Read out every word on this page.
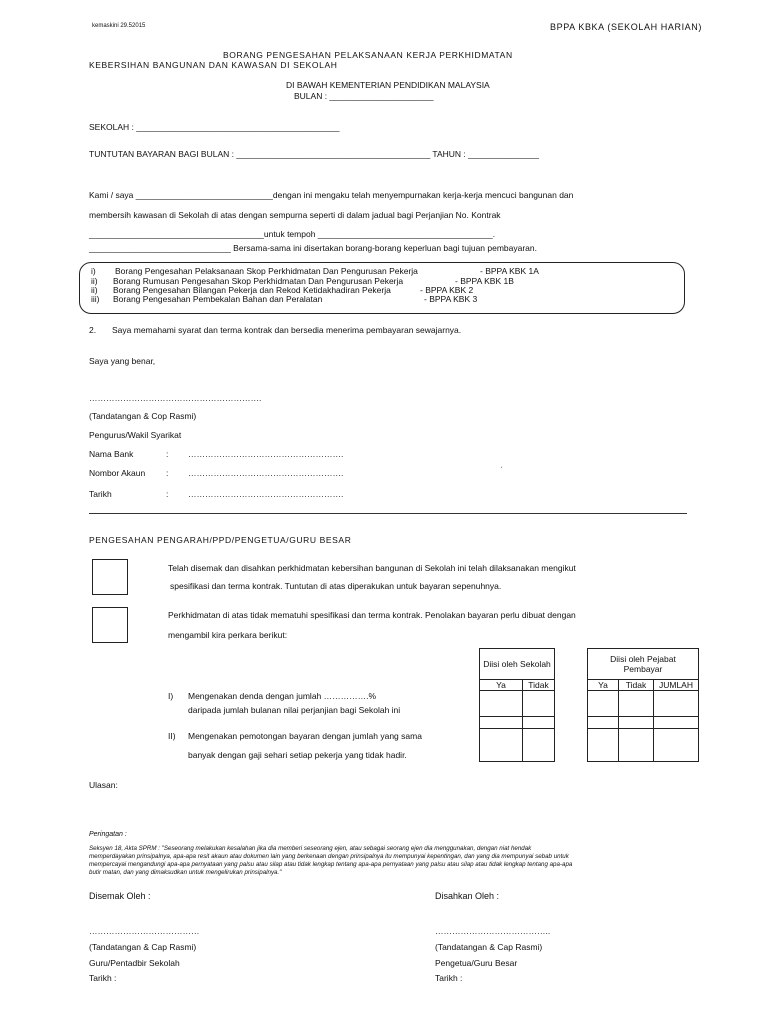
kemaskini 29.52015	BPPA KBKA (SEKOLAH HARIAN)
BORANG PENGESAHAN PELAKSANAAN KERJA PERKHIDMATAN
KEBERSIHAN BANGUNAN DAN KAWASAN DI SEKOLAH
DI BAWAH KEMENTERIAN PENDIDIKAN MALAYSIA
BULAN : ______________________
SEKOLAH : ___________________________________________
TUNTUTAN BAYARAN BAGI BULAN : _________________________________________ TAHUN : _______________
Kami / saya _____________________________dengan ini mengaku telah menyempurnakan kerja-kerja mencuci bangunan dan
membersih kawasan di Sekolah di atas dengan sempurna seperti di dalam jadual bagi Perjanjian No. Kontrak
_____________________________________untuk tempoh _____________________________________.
______________________________ Bersama-sama ini disertakan borang-borang keperluan bagi tujuan pembayaran.
i) Borang Pengesahan Pelaksanaan Skop Perkhidmatan Dan Pengurusan Pekerja	- BPPA KBK 1A
ii) Borang Rumusan Pengesahan Skop Perkhidmatan Dan Pengurusan Pekerja	- BPPA KBK 1B
ii) Borang Pengesahan Bilangan Pekerja dan Rekod Ketidakhadiran Pekerja	- BPPA KBK 2
iii) Borang Pengesahan Pembekalan Bahan dan Peralatan	- BPPA KBK 3
2. Saya memahami syarat dan terma kontrak dan bersedia menerima pembayaran sewajarnya.
Saya yang benar,
…………………………………………………….
(Tandatangan & Cop Rasmi)
Pengurus/Wakil Syarikat
Nama Bank	: ……………………………………………….
Nombor Akaun : ……………………………………………….	ˊ
Tarikh	: ……………………………………………….
PENGESAHAN PENGARAH/PPD/PENGETUA/GURU BESAR
Telah disemak dan disahkan perkhidmatan kebersihan bangunan di Sekolah ini telah dilaksanakan mengikut
spesifikasi dan terma kontrak. Tuntutan di atas diperakukan untuk bayaran sepenuhnya.
Perkhidmatan di atas tidak mematuhi spesifikasi dan terma kontrak. Penolakan bayaran perlu dibuat dengan
mengambil kira perkara berikut:
I) Mengenakan denda dengan jumlah …………….%
daripada jumlah bulanan nilai perjanjian bagi Sekolah ini
II) Mengenakan pemotongan bayaran dengan jumlah yang sama
banyak dengan gaji sehari setiap pekerja yang tidak hadir.
Diisi oleh Sekolah	
Ya	Tidak

Diisi oleh Pejabat
Pembayar		
Ya	Tidak	JUMLAH

Ulasan:
Peringatan :
Seksyen 18, Akta SPRM : "Seseorang melakukan kesalahan jika dia memberi seseorang ejen, atau sebagai seorang ejen dia menggunakan, dengan niat hendak
memperdayakan prinsipalnya, apa-apa resit akaun atau dokumen lain yang berkenaan dengan prinsipalnya itu mempunyai kepentingan, dan yang dia mempunyai sebab untuk
mempercayai mengandungi apa-apa pernyataan yang palsu atau silap atau tidak lengkap tentang apa-apa pernyataan yang palsu atau silap atau tidak lengkap tentang apa-apa
butir matan, dan yang dimaksudkan untuk mengelirukan prinsipalnya."
Disemak Oleh :
…………………………………
(Tandatangan & Cap Rasmi)
Guru/Pentadbir Sekolah
Tarikh :
Disahkan Oleh :
…………………………………..
(Tandatangan & Cap Rasmi)
Pengetua/Guru Besar
Tarikh :
